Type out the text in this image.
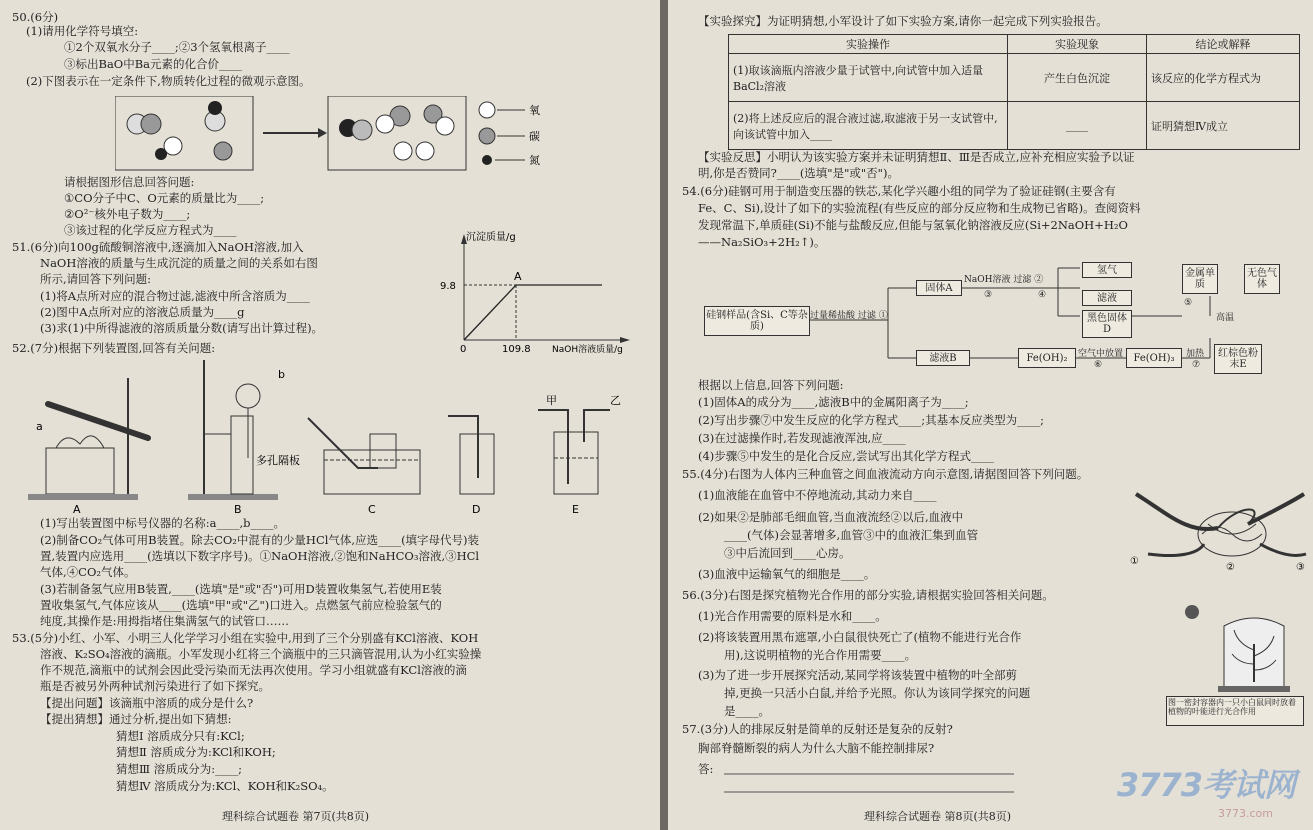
50.(6分)
(1)请用化学符号填空:
①2个双氧水分子____;②3个氢氧根离子____
③标出BaO中Ba元素的化合价____
(2)下图表示在一定条件下,物质转化过程的微观示意图。
请根据图形信息回答问题:
①CO分子中C、O元素的质量比为____;
②O²⁻核外电子数为____;
③该过程的化学反应方程式为____
51.(6分)向100g硫酸铜溶液中,逐滴加入NaOH溶液,加入
NaOH溶液的质量与生成沉淀的质量之间的关系如右图
所示,请回答下列问题:
(1)将A点所对应的混合物过滤,滤液中所含溶质为____
(2)图中A点所对应的溶液总质量为____g
(3)求(1)中所得滤液的溶质质量分数(请写出计算过程)。
52.(7分)根据下列装置图,回答有关问题:
(1)写出装置图中标号仪器的名称:a____,b____。
(2)制备CO₂气体可用B装置。除去CO₂中混有的少量HCl气体,应选____(填字母代号)装
置,装置内应选用____(选填以下数字序号)。①NaOH溶液,②饱和NaHCO₃溶液,③HCl
气体,④CO₂气体。
(3)若制备氢气应用B装置,____(选填"是"或"否")可用D装置收集氢气,若使用E装
置收集氢气,气体应该从____(选填"甲"或"乙")口进入。点燃氢气前应检验氢气的
纯度,其操作是:用拇指堵住集满氢气的试管口……
53.(5分)小红、小军、小明三人化学学习小组在实验中,用到了三个分别盛有KCl溶液、KOH
溶液、K₂SO₄溶液的滴瓶。小军发现小红将三个滴瓶中的三只滴管混用,认为小红实验操
作不规范,滴瓶中的试剂会因此受污染而无法再次使用。学习小组就盛有KCl溶液的滴
瓶是否被另外两种试剂污染进行了如下探究。
【提出问题】该滴瓶中溶质的成分是什么?
【提出猜想】通过分析,提出如下猜想:
猜想Ⅰ 溶质成分只有:KCl;
猜想Ⅱ 溶质成分为:KCl和KOH;
猜想Ⅲ 溶质成分为:____;
猜想Ⅳ 溶质成分为:KCl、KOH和K₂SO₄。
氧
碳
氮
沉淀质量/g
9.8
A
0	109.8 NaOH溶液质量/g
a
A
b
多孔隔板
B	C	D
甲	乙
E
理科综合试题卷 第7页(共8页)
【实验探究】为证明猜想,小军设计了如下实验方案,请你一起完成下列实验报告。
实验操作	实验现象	结论或解释
(1)取该滴瓶内溶液少量于试管中,向试管中加入适量BaCl₂溶液	产生白色沉淀	该反应的化学方程式为
(2)将上述反应后的混合液过滤,取滤液于另一支试管中,向该试管中加入____	____	证明猜想Ⅳ成立
【实验反思】小明认为该实验方案并未证明猜想Ⅱ、Ⅲ是否成立,应补充相应实验予以证
明,你是否赞同?____(选填"是"或"否")。
54.(6分)硅钢可用于制造变压器的铁芯,某化学兴趣小组的同学为了验证硅钢(主要含有
Fe、C、Si),设计了如下的实验流程(有些反应的部分反应物和生成物已省略)。查阅资料
发现常温下,单质硅(Si)不能与盐酸反应,但能与氢氧化钠溶液反应(Si+2NaOH+H₂O
——Na₂SiO₃+2H₂↑)。
根据以上信息,回答下列问题:
(1)固体A的成分为____,滤液B中的金属阳离子为____;
(2)写出步骤⑦中发生反应的化学方程式____;其基本反应类型为____;
(3)在过滤操作时,若发现滤液浑浊,应____
(4)步骤⑤中发生的是化合反应,尝试写出其化学方程式____
55.(4分)右图为人体内三种血管之间血液流动方向示意图,请据图回答下列问题。
(1)血液能在血管中不停地流动,其动力来自____
(2)如果②是肺部毛细血管,当血液流经②以后,血液中
____(气体)会显著增多,血管③中的血液汇集到血管
③中后流回到____心房。
(3)血液中运输氧气的细胞是____。
56.(3分)右图是探究植物光合作用的部分实验,请根据实验回答相关问题。
(1)光合作用需要的原料是水和____。
(2)将该装置用黑布遮罩,小白鼠很快死亡了(植物不能进行光合作
用),这说明植物的光合作用需要____。
(3)为了进一步开展探究活动,某同学将该装置中植物的叶全部剪
掉,更换一只活小白鼠,并给予光照。你认为该同学探究的问题
是____。
57.(3分)人的排尿反射是简单的反射还是复杂的反射?
胸部脊髓断裂的病人为什么大脑不能控制排尿?
答:
硅钢样品(含Si、C等杂质)
过量稀盐酸 过滤 ①
固体A
NaOH溶液 过滤 ②
④
③
氢气
滤液
黑色固体D
金属单质
无色气体
高温
⑤
滤液B	Fe(OH)₂	空气中放置
⑥
Fe(OH)₃	加热
⑦
红棕色粉末E
①
②	③
图一密封容器内一只小白鼠同时放着植物的叶能进行光合作用
理科综合试题卷 第8页(共8页)
3773考试网
3773.com
